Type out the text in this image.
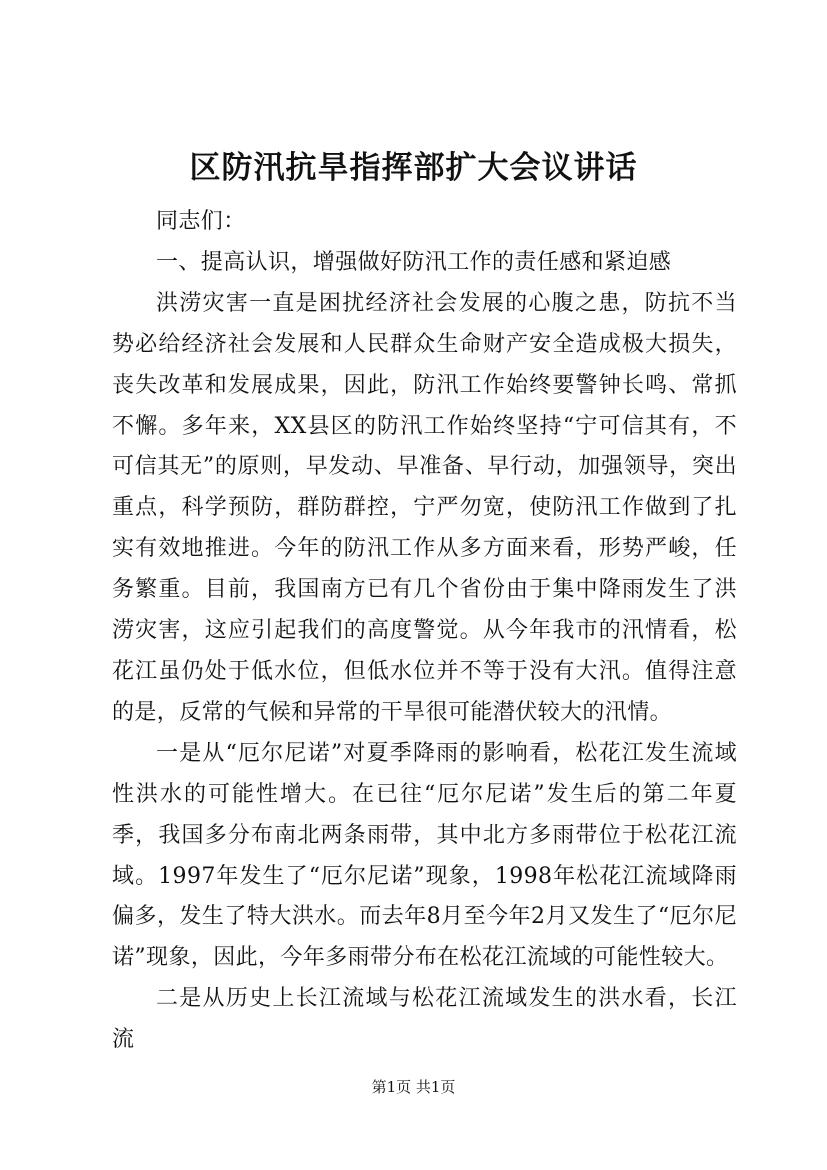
区防汛抗旱指挥部扩大会议讲话

同志们：

一、提高认识，增强做好防汛工作的责任感和紧迫感

洪涝灾害一直是困扰经济社会发展的心腹之患，防抗不当势必给经济社会发展和人民群众生命财产安全造成极大损失，丧失改革和发展成果，因此，防汛工作始终要警钟长鸣、常抓不懈。多年来，XX县区的防汛工作始终坚持“宁可信其有，不可信其无”的原则，早发动、早准备、早行动，加强领导，突出重点，科学预防，群防群控，宁严勿宽，使防汛工作做到了扎实有效地推进。今年的防汛工作从多方面来看，形势严峻，任务繁重。目前，我国南方已有几个省份由于集中降雨发生了洪涝灾害，这应引起我们的高度警觉。从今年我市的汛情看，松花江虽仍处于低水位，但低水位并不等于没有大汛。值得注意的是，反常的气候和异常的干旱很可能潜伏较大的汛情。

一是从“厄尔尼诺”对夏季降雨的影响看，松花江发生流域性洪水的可能性增大。在已往“厄尔尼诺”发生后的第二年夏季，我国多分布南北两条雨带，其中北方多雨带位于松花江流域。1997年发生了“厄尔尼诺”现象，1998年松花江流域降雨偏多，发生了特大洪水。而去年8月至今年2月又发生了“厄尔尼诺”现象，因此，今年多雨带分布在松花江流域的可能性较大。

二是从历史上长江流域与松花江流域发生的洪水看，长江流

第1页 共1页
